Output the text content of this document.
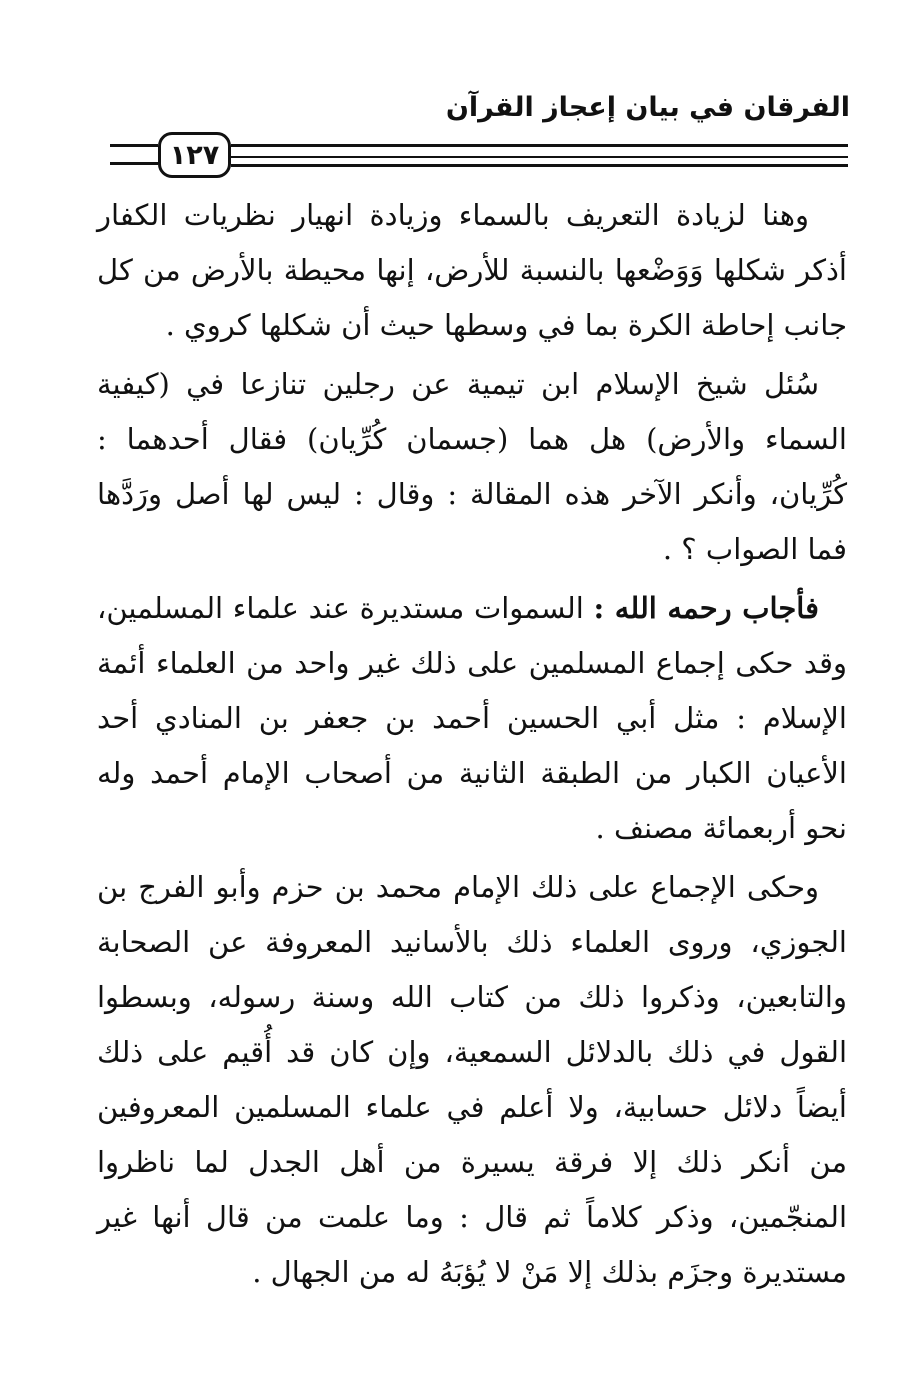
الفرقان في بيان إعجاز القرآن
١٢٧

وهنا لزيادة التعريف بالسماء وزيادة انهيار نظريات الكفار أذكر شكلها وَوَضْعها بالنسبة للأرض، إنها محيطة بالأرض من كل جانب إحاطة الكرة بما في وسطها حيث أن شكلها كروي .

سُئل شيخ الإسلام ابن تيمية عن رجلين تنازعا في (كيفية السماء والأرض) هل هما (جسمان كُرِّيان) فقال أحدهما : كُرِّيان، وأنكر الآخر هذه المقالة : وقال : ليس لها أصل ورَدَّها فما الصواب ؟ .

فأجاب رحمه الله : السموات مستديرة عند علماء المسلمين، وقد حكى إجماع المسلمين على ذلك غير واحد من العلماء أئمة الإسلام : مثل أبي الحسين أحمد بن جعفر بن المنادي أحد الأعيان الكبار من الطبقة الثانية من أصحاب الإمام أحمد وله نحو أربعمائة مصنف .

وحكى الإجماع على ذلك الإمام محمد بن حزم وأبو الفرج بن الجوزي، وروى العلماء ذلك بالأسانيد المعروفة عن الصحابة والتابعين، وذكروا ذلك من كتاب الله وسنة رسوله، وبسطوا القول في ذلك بالدلائل السمعية، وإن كان قد أُقيم على ذلك أيضاً دلائل حسابية، ولا أعلم في علماء المسلمين المعروفين من أنكر ذلك إلا فرقة يسيرة من أهل الجدل لما ناظروا المنجّمين، وذكر كلاماً ثم قال : وما علمت من قال أنها غير مستديرة وجزَم بذلك إلا مَنْ لا يُؤبَهُ له من الجهال .
